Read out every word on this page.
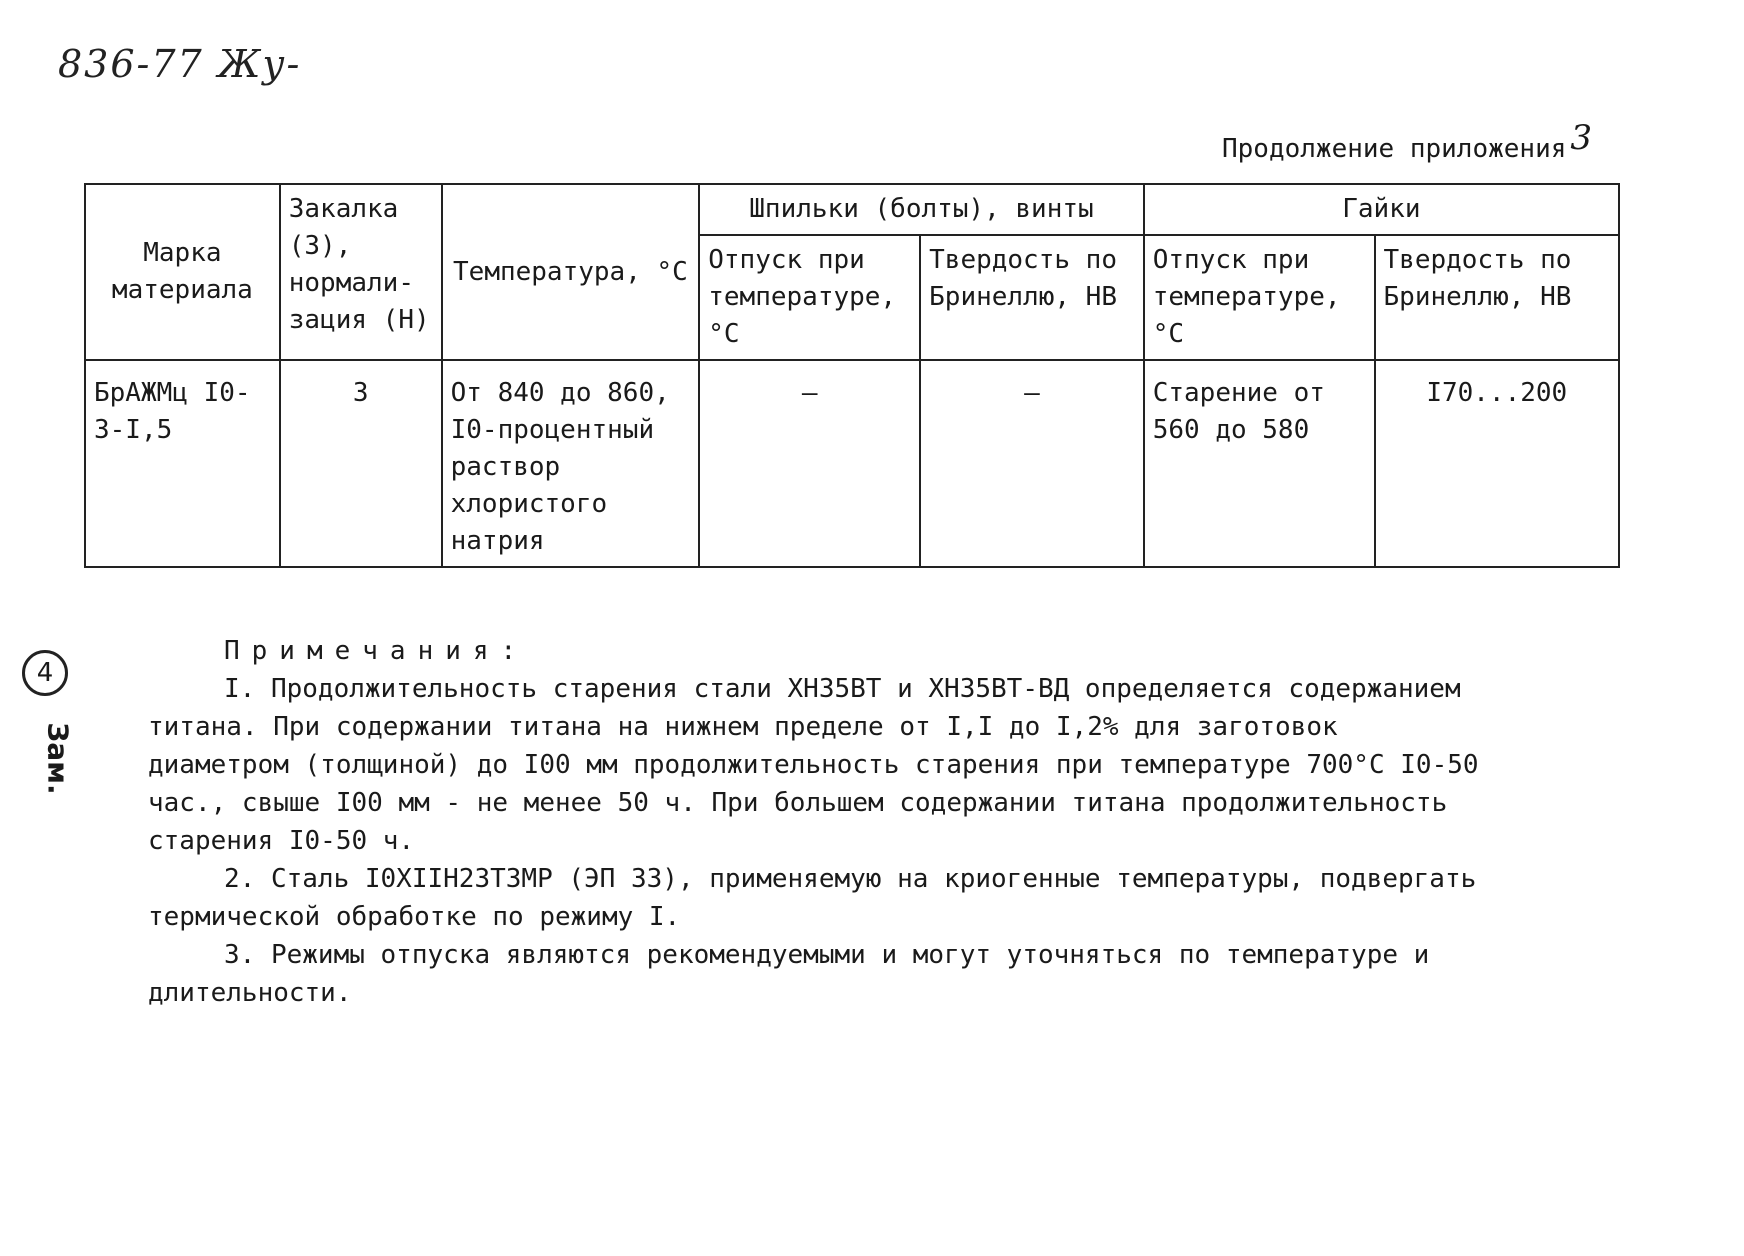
836-77 Жу-
Продолжение приложения 3
Марка материала	Закалка (З), нормали-зация (Н)	Температура, °С	Шпильки (болты), винты		Гайки	
			Отпуск при температуре, °С	Твердость по Бринеллю, НВ	Отпуск при температуре, °С	Твердость по Бринеллю, НВ
БрАЖМц І0-3-І,5	З	От 840 до 860, І0-процентный раствор хлористого натрия	–	–	Старение от 560 до 580	І70...200
4
Зам.
Примечания:

І. Продолжительность старения стали ХН35ВТ и ХН35ВТ-ВД определяется содержанием титана. При содержании титана на нижнем пределе от І,І до І,2% для заготовок диаметром (толщиной) до І00 мм продолжительность старения при температуре 700°С І0-50 час., свыше І00 мм - не менее 50 ч. При большем содержании титана продолжительность старения І0-50 ч.

2. Сталь І0ХІІН23Т3МР (ЭП 33), применяемую на криогенные температуры, подвергать термической обработке по режиму І.

3. Режимы отпуска являются рекомендуемыми и могут уточняться по температуре и длительности.
